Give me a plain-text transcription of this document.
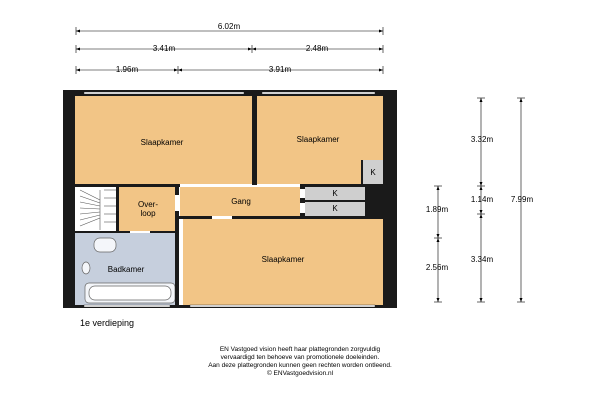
Slaapkamer	Slaapkamer
Slaapkamer
Over-
loop
Gang
Badkamer
K
K
K
6.02m
3.41m	2.48m
1.96m	3.91m
3.32m
1.14m
3.34m
7.99m
1.89m
2.56m
1e verdieping
EN Vastgoed vision heeft haar plattegronden zorgvuldig
vervaardigd ten behoeve van promotionele doeleinden.
Aan deze plattegronden kunnen geen rechten worden ontleend.
© ENVastgoedvision.nl
